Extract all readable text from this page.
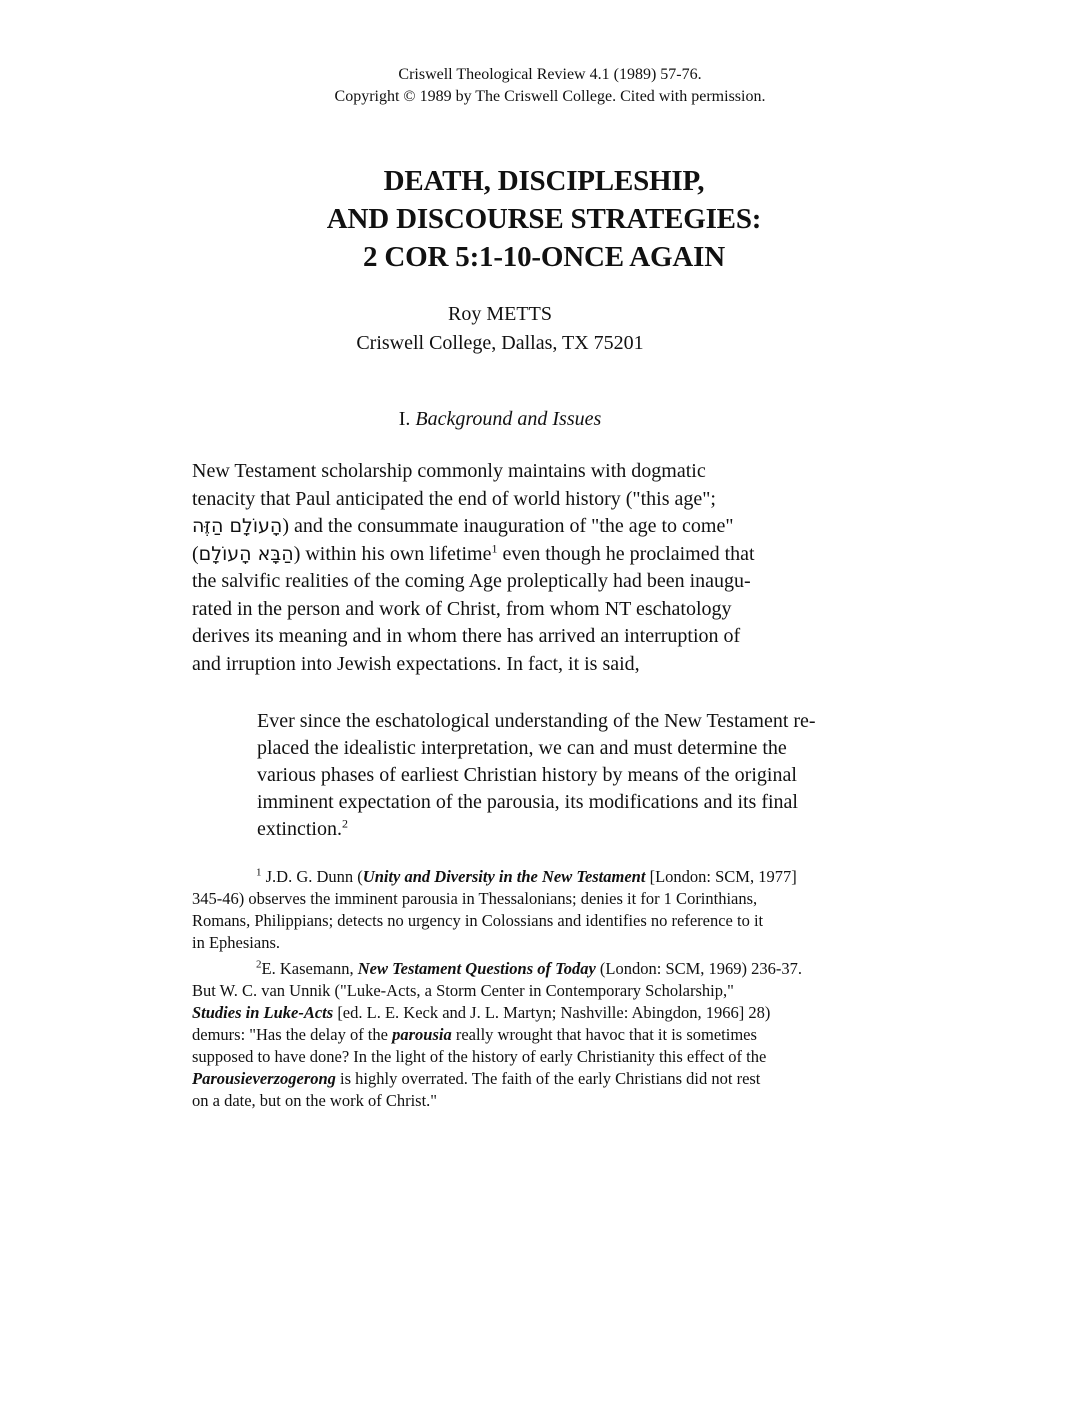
Criswell Theological Review 4.1 (1989) 57-76.
Copyright © 1989 by The Criswell College. Cited with permission.
DEATH, DISCIPLESHIP,
AND DISCOURSE STRATEGIES:
2 COR 5:1-10-ONCE AGAIN
Roy METTS
Criswell College, Dallas, TX 75201
I. Background and Issues
New Testament scholarship commonly maintains with dogmatic
tenacity that Paul anticipated the end of world history ("this age";
הָעוֹלָם הַזֶּה) and the consummate inauguration of "the age to come"
(הַבָּא הָעוֹלָם) within his own lifetime$^1$ even though he proclaimed that
the salvific realities of the coming Age proleptically had been inaugu-
rated in the person and work of Christ, from whom NT eschatology
derives its meaning and in whom there has arrived an interruption of
and irruption into Jewish expectations. In fact, it is said,
Ever since the eschatological understanding of the New Testament re-
placed the idealistic interpretation, we can and must determine the
various phases of earliest Christian history by means of the original
imminent expectation of the parousia, its modifications and its final
extinction.$^2$
$^1$ J.D. G. Dunn (Unity and Diversity in the New Testament [London: SCM, 1977]
345-46) observes the imminent parousia in Thessalonians; denies it for 1 Corinthians,
Romans, Philippians; detects no urgency in Colossians and identifies no reference to it
in Ephesians.
$^2$E. Kasemann, New Testament Questions of Today (London: SCM, 1969) 236-37.
But W. C. van Unnik ("Luke-Acts, a Storm Center in Contemporary Scholarship,"
Studies in Luke-Acts [ed. L. E. Keck and J. L. Martyn; Nashville: Abingdon, 1966] 28)
demurs: "Has the delay of the parousia really wrought that havoc that it is sometimes
supposed to have done? In the light of the history of early Christianity this effect of the
Parousieverzogerong is highly overrated. The faith of the early Christians did not rest
on a date, but on the work of Christ."
